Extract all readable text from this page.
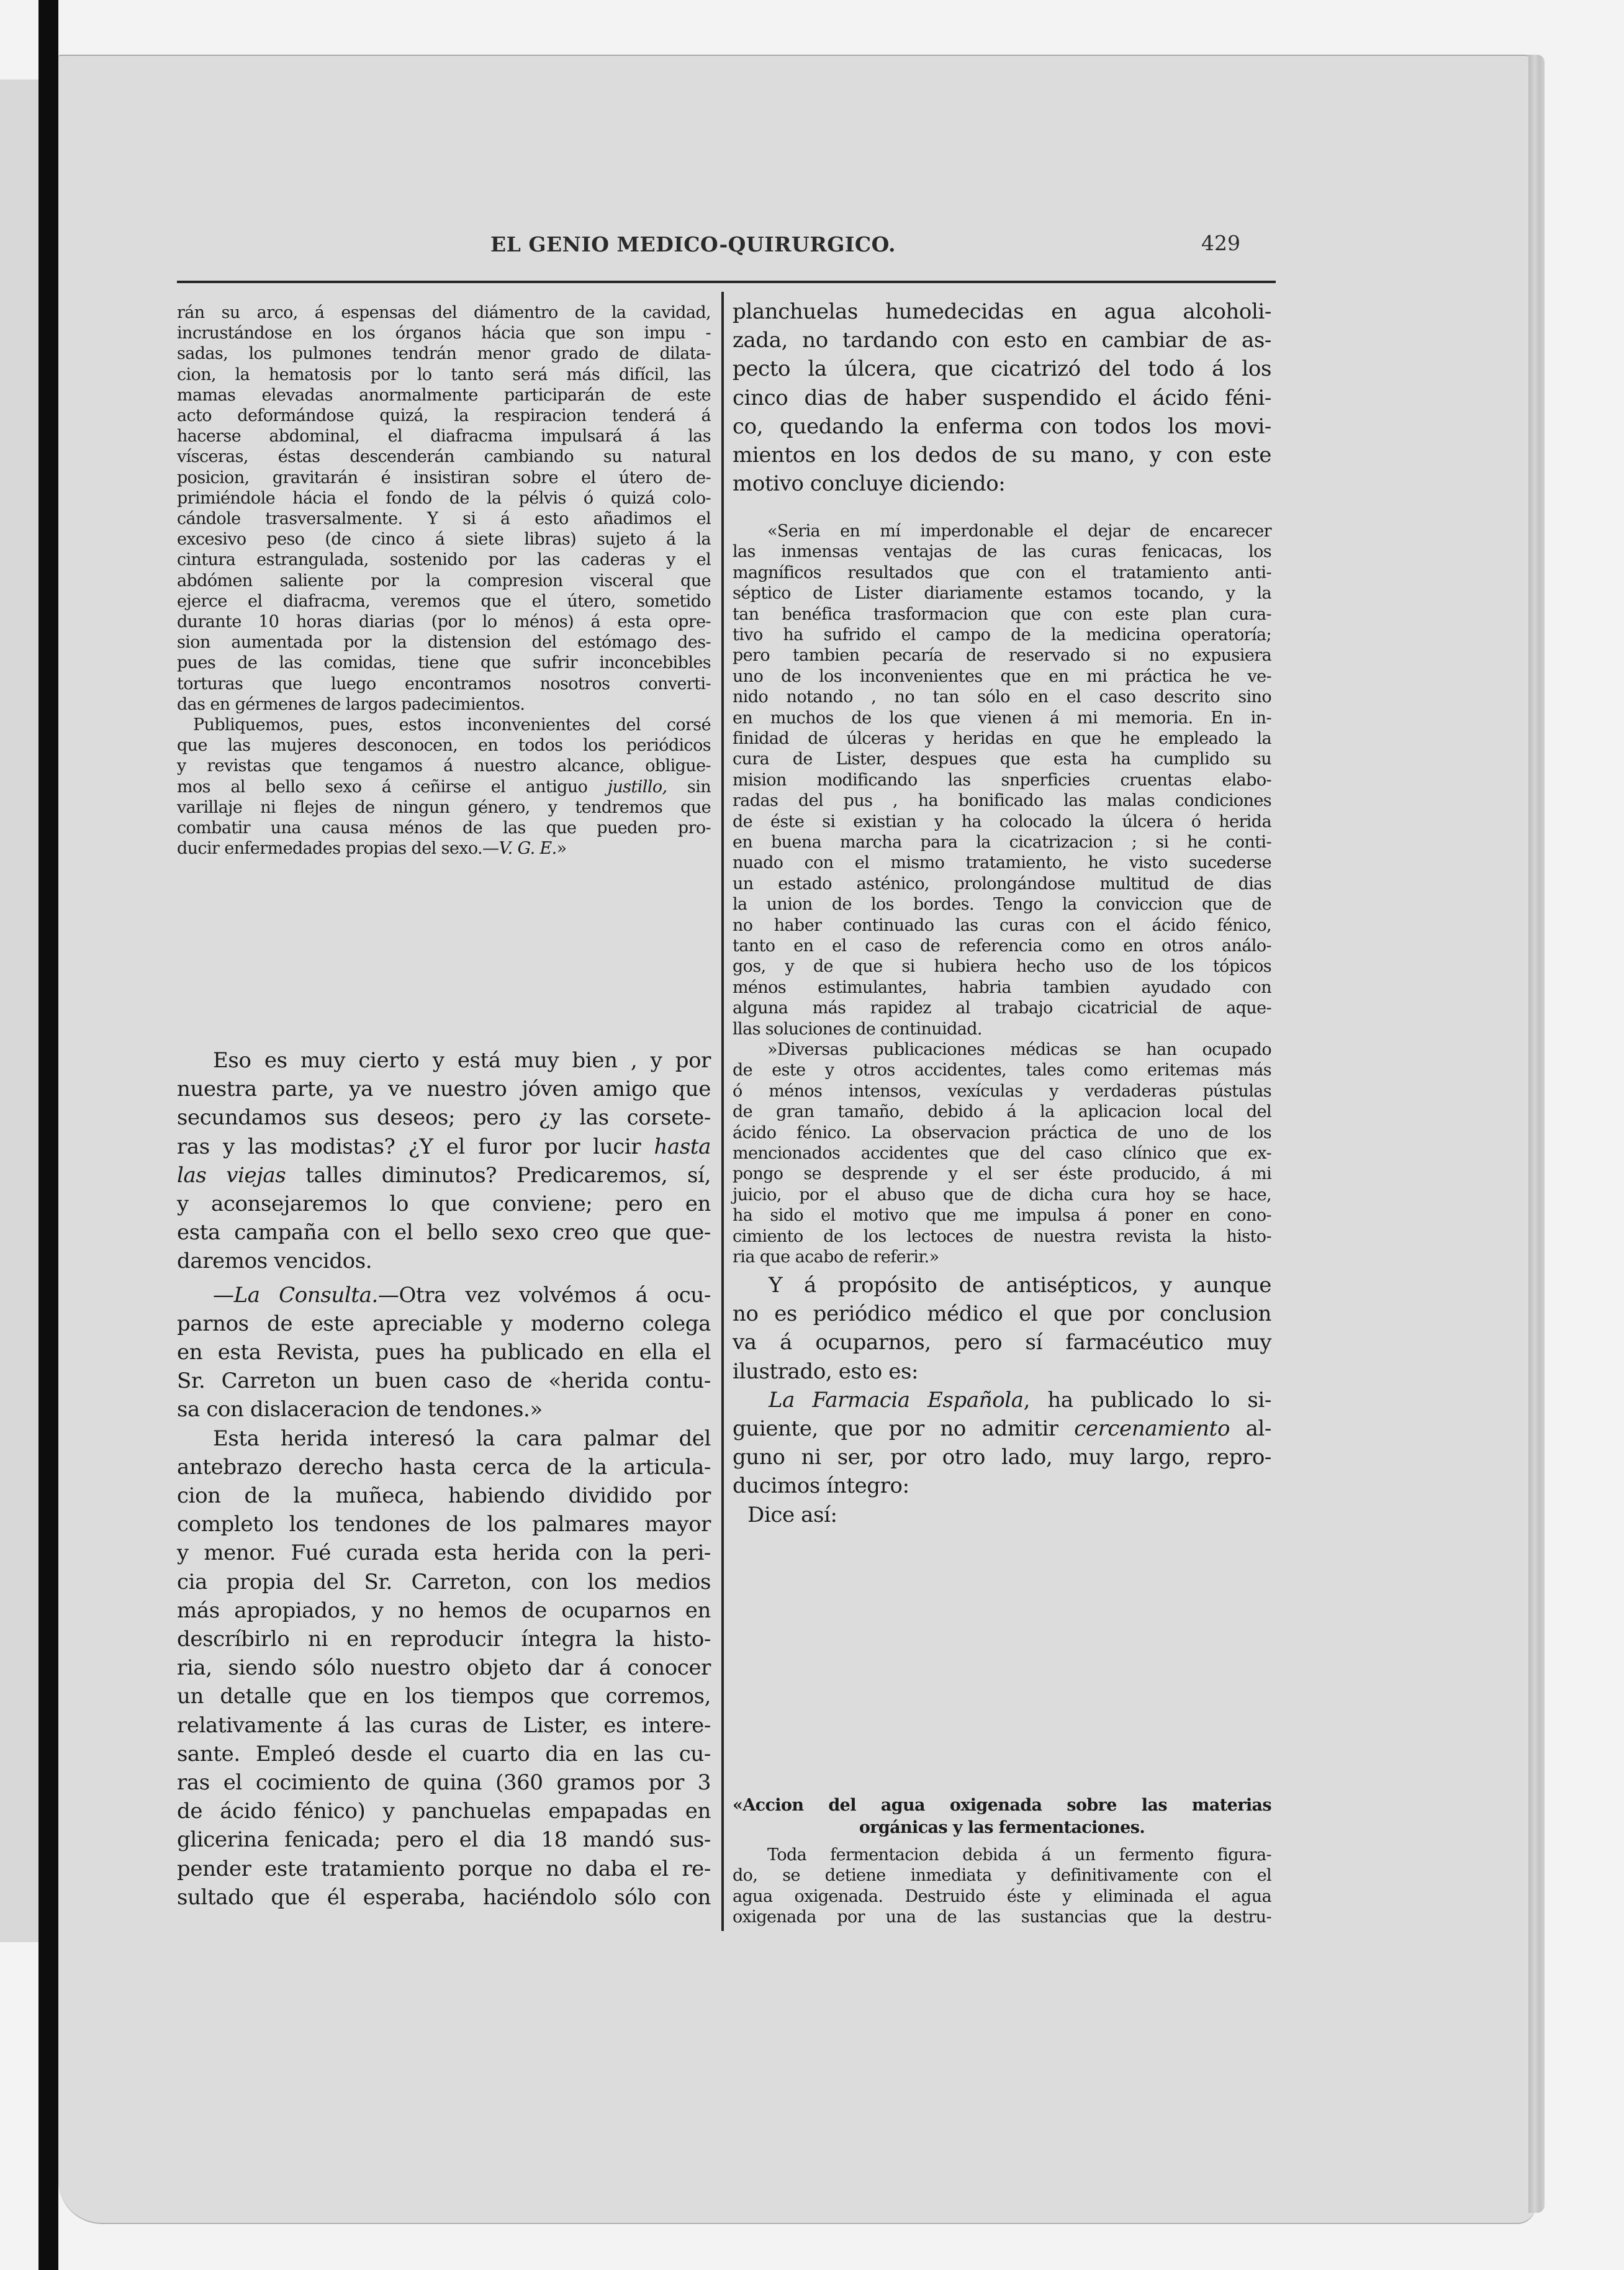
EL GENIO MEDICO-QUIRURGICO.	429
rán su arco, á espensas del diámentro de la cavidad,
incrustándose en los órganos hácia que son impu -
sadas, los pulmones tendrán menor grado de dilata-
cion, la hematosis por lo tanto será más difícil, las
mamas elevadas anormalmente participarán de este
acto deformándose quizá, la respiracion tenderá á
hacerse abdominal, el diafracma impulsará á las
vísceras, éstas descenderán cambiando su natural
posicion, gravitarán é insistiran sobre el útero de-
primiéndole hácia el fondo de la pélvis ó quizá colo-
cándole trasversalmente. Y si á esto añadimos el
excesivo peso (de cinco á siete libras) sujeto á la
cintura estrangulada, sostenido por las caderas y el
abdómen saliente por la compresion visceral que
ejerce el diafracma, veremos que el útero, sometido
durante 10 horas diarias (por lo ménos) á esta opre-
sion aumentada por la distension del estómago des-
pues de las comidas, tiene que sufrir inconcebibles
torturas que luego encontramos nosotros converti-
das en gérmenes de largos padecimientos.
Publiquemos, pues, estos inconvenientes del corsé
que las mujeres desconocen, en todos los periódicos
y revistas que tengamos á nuestro alcance, obligue-
mos al bello sexo á ceñirse el antiguo justillo, sin
varillaje ni flejes de ningun género, y tendremos que
combatir una causa ménos de las que pueden pro-
ducir enfermedades propias del sexo.—V. G. E.»
Eso es muy cierto y está muy bien , y por
nuestra parte, ya ve nuestro jóven amigo que
secundamos sus deseos; pero ¿y las corsete-
ras y las modistas? ¿Y el furor por lucir hasta
las viejas talles diminutos? Predicaremos, sí,
y aconsejaremos lo que conviene; pero en
esta campaña con el bello sexo creo que que-
daremos vencidos.
—La Consulta.—Otra vez volvémos á ocu-
parnos de este apreciable y moderno colega
en esta Revista, pues ha publicado en ella el
Sr. Carreton un buen caso de «herida contu-
sa con dislaceracion de tendones.»
Esta herida interesó la cara palmar del
antebrazo derecho hasta cerca de la articula-
cion de la muñeca, habiendo dividido por
completo los tendones de los palmares mayor
y menor. Fué curada esta herida con la peri-
cia propia del Sr. Carreton, con los medios
más apropiados, y no hemos de ocuparnos en
descríbirlo ni en reproducir íntegra la histo-
ria, siendo sólo nuestro objeto dar á conocer
un detalle que en los tiempos que corremos,
relativamente á las curas de Lister, es intere-
sante. Empleó desde el cuarto dia en las cu-
ras el cocimiento de quina (360 gramos por 3
de ácido fénico) y panchuelas empapadas en
glicerina fenicada; pero el dia 18 mandó sus-
pender este tratamiento porque no daba el re-
sultado que él esperaba, haciéndolo sólo con
planchuelas humedecidas en agua alcoholi-
zada, no tardando con esto en cambiar de as-
pecto la úlcera, que cicatrizó del todo á los
cinco dias de haber suspendido el ácido féni-
co, quedando la enferma con todos los movi-
mientos en los dedos de su mano, y con este
motivo concluye diciendo:
«Seria en mí imperdonable el dejar de encarecer
las inmensas ventajas de las curas fenicacas, los
magníficos resultados que con el tratamiento anti-
séptico de Lister diariamente estamos tocando, y la
tan benéfica trasformacion que con este plan cura-
tivo ha sufrido el campo de la medicina operatoría;
pero tambien pecaría de reservado si no expusiera
uno de los inconvenientes que en mi práctica he ve-
nido notando , no tan sólo en el caso descrito sino
en muchos de los que vienen á mi memoria. En in-
finidad de úlceras y heridas en que he empleado la
cura de Lister, despues que esta ha cumplido su
mision modificando las snperficies cruentas elabo-
radas del pus , ha bonificado las malas condiciones
de éste si existian y ha colocado la úlcera ó herida
en buena marcha para la cicatrizacion ; si he conti-
nuado con el mismo tratamiento, he visto sucederse
un estado asténico, prolongándose multitud de dias
la union de los bordes. Tengo la conviccion que de
no haber continuado las curas con el ácido fénico,
tanto en el caso de referencia como en otros análo-
gos, y de que si hubiera hecho uso de los tópicos
ménos estimulantes, habria tambien ayudado con
alguna más rapidez al trabajo cicatricial de aque-
llas soluciones de continuidad.
»Diversas publicaciones médicas se han ocupado
de este y otros accidentes, tales como eritemas más
ó ménos intensos, vexículas y verdaderas pústulas
de gran tamaño, debido á la aplicacion local del
ácido fénico. La observacion práctica de uno de los
mencionados accidentes que del caso clínico que ex-
pongo se desprende y el ser éste producido, á mi
juicio, por el abuso que de dicha cura hoy se hace,
ha sido el motivo que me impulsa á poner en cono-
cimiento de los lectoces de nuestra revista la histo-
ria que acabo de referir.»
Y á propósito de antisépticos, y aunque
no es periódico médico el que por conclusion
va á ocuparnos, pero sí farmacéutico muy
ilustrado, esto es:
La Farmacia Española, ha publicado lo si-
guiente, que por no admitir cercenamiento al-
guno ni ser, por otro lado, muy largo, repro-
ducimos íntegro:
Dice así:
«Accion del agua oxigenada sobre las materias
orgánicas y las fermentaciones.
Toda fermentacion debida á un fermento figura-
do, se detiene inmediata y definitivamente con el
agua oxigenada. Destruido éste y eliminada el agua
oxigenada por una de las sustancias que la destru-
